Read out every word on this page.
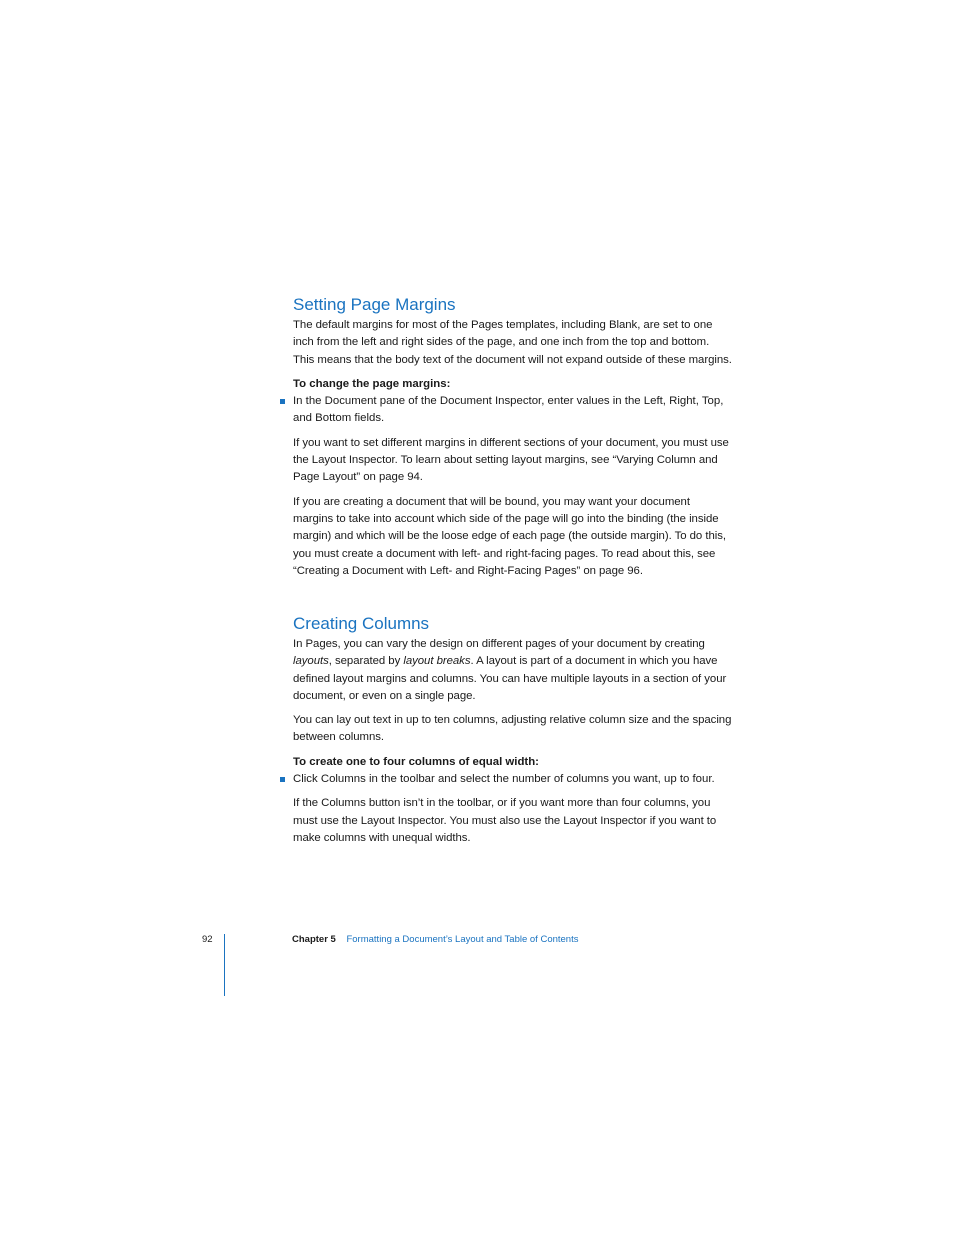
Setting Page Margins

The default margins for most of the Pages templates, including Blank, are set to one inch from the left and right sides of the page, and one inch from the top and bottom. This means that the body text of the document will not expand outside of these margins.

To change the page margins:

In the Document pane of the Document Inspector, enter values in the Left, Right, Top, and Bottom fields.

If you want to set different margins in different sections of your document, you must use the Layout Inspector. To learn about setting layout margins, see “Varying Column and Page Layout” on page 94.

If you are creating a document that will be bound, you may want your document margins to take into account which side of the page will go into the binding (the inside margin) and which will be the loose edge of each page (the outside margin). To do this, you must create a document with left- and right-facing pages. To read about this, see “Creating a Document with Left- and Right-Facing Pages” on page 96.

Creating Columns

In Pages, you can vary the design on different pages of your document by creating layouts, separated by layout breaks. A layout is part of a document in which you have defined layout margins and columns. You can have multiple layouts in a section of your document, or even on a single page.

You can lay out text in up to ten columns, adjusting relative column size and the spacing between columns.

To create one to four columns of equal width:

Click Columns in the toolbar and select the number of columns you want, up to four.

If the Columns button isn’t in the toolbar, or if you want more than four columns, you must use the Layout Inspector. You must also use the Layout Inspector if you want to make columns with unequal widths.

92	Chapter 5 Formatting a Document’s Layout and Table of Contents
